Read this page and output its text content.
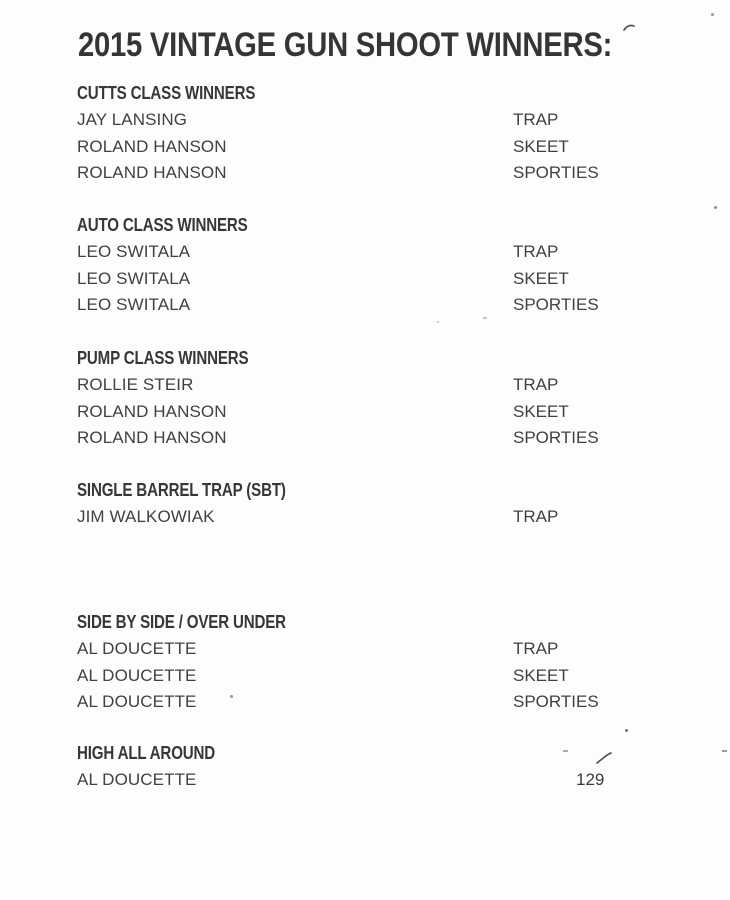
2015 VINTAGE GUN SHOOT WINNERS:
CUTTS CLASS WINNERS
JAY LANSING	TRAP
ROLAND HANSON	SKEET
ROLAND HANSON	SPORTIES
AUTO CLASS WINNERS
LEO SWITALA	TRAP
LEO SWITALA	SKEET
LEO SWITALA	SPORTIES
PUMP CLASS WINNERS
ROLLIE STEIR	TRAP
ROLAND HANSON	SKEET
ROLAND HANSON	SPORTIES
SINGLE BARREL TRAP (SBT)
JIM WALKOWIAK	TRAP
SIDE BY SIDE / OVER UNDER
AL DOUCETTE	TRAP
AL DOUCETTE	SKEET
AL DOUCETTE	SPORTIES
HIGH ALL AROUND
AL DOUCETTE	129
